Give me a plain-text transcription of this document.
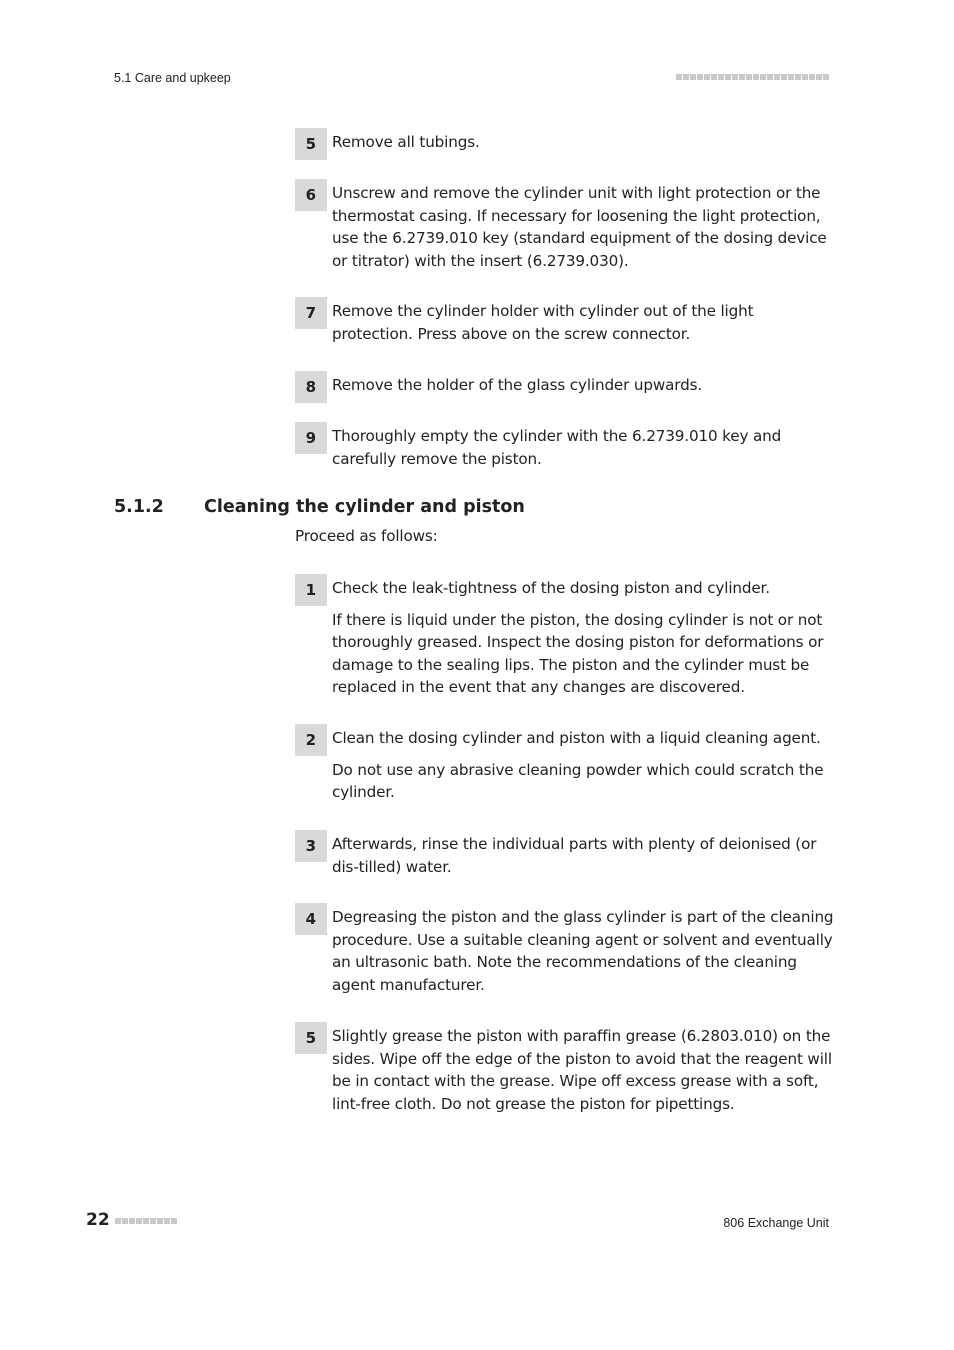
5.1 Care and upkeep
5	Remove all tubings.
6	Unscrew and remove the cylinder unit with light protection or the thermostat casing. If necessary for loosening the light protection, use the 6.2739.010 key (standard equipment of the dosing device or titrator) with the insert (6.2739.030).
7	Remove the cylinder holder with cylinder out of the light protection. Press above on the screw connector.
8	Remove the holder of the glass cylinder upwards.
9	Thoroughly empty the cylinder with the 6.2739.010 key and carefully remove the piston.
5.1.2	Cleaning the cylinder and piston
Proceed as follows:
1	Check the leak-tightness of the dosing piston and cylinder.
If there is liquid under the piston, the dosing cylinder is not or not thoroughly greased. Inspect the dosing piston for deformations or damage to the sealing lips. The piston and the cylinder must be replaced in the event that any changes are discovered.
2	Clean the dosing cylinder and piston with a liquid cleaning agent.
Do not use any abrasive cleaning powder which could scratch the cylinder.
3	Afterwards, rinse the individual parts with plenty of deionised (or dis-tilled) water.
4	Degreasing the piston and the glass cylinder is part of the cleaning procedure. Use a suitable cleaning agent or solvent and eventually an ultrasonic bath. Note the recommendations of the cleaning agent manufacturer.
5	Slightly grease the piston with paraffin grease (6.2803.010) on the sides. Wipe off the edge of the piston to avoid that the reagent will be in contact with the grease. Wipe off excess grease with a soft, lint-free cloth. Do not grease the piston for pipettings.
22	806 Exchange Unit
